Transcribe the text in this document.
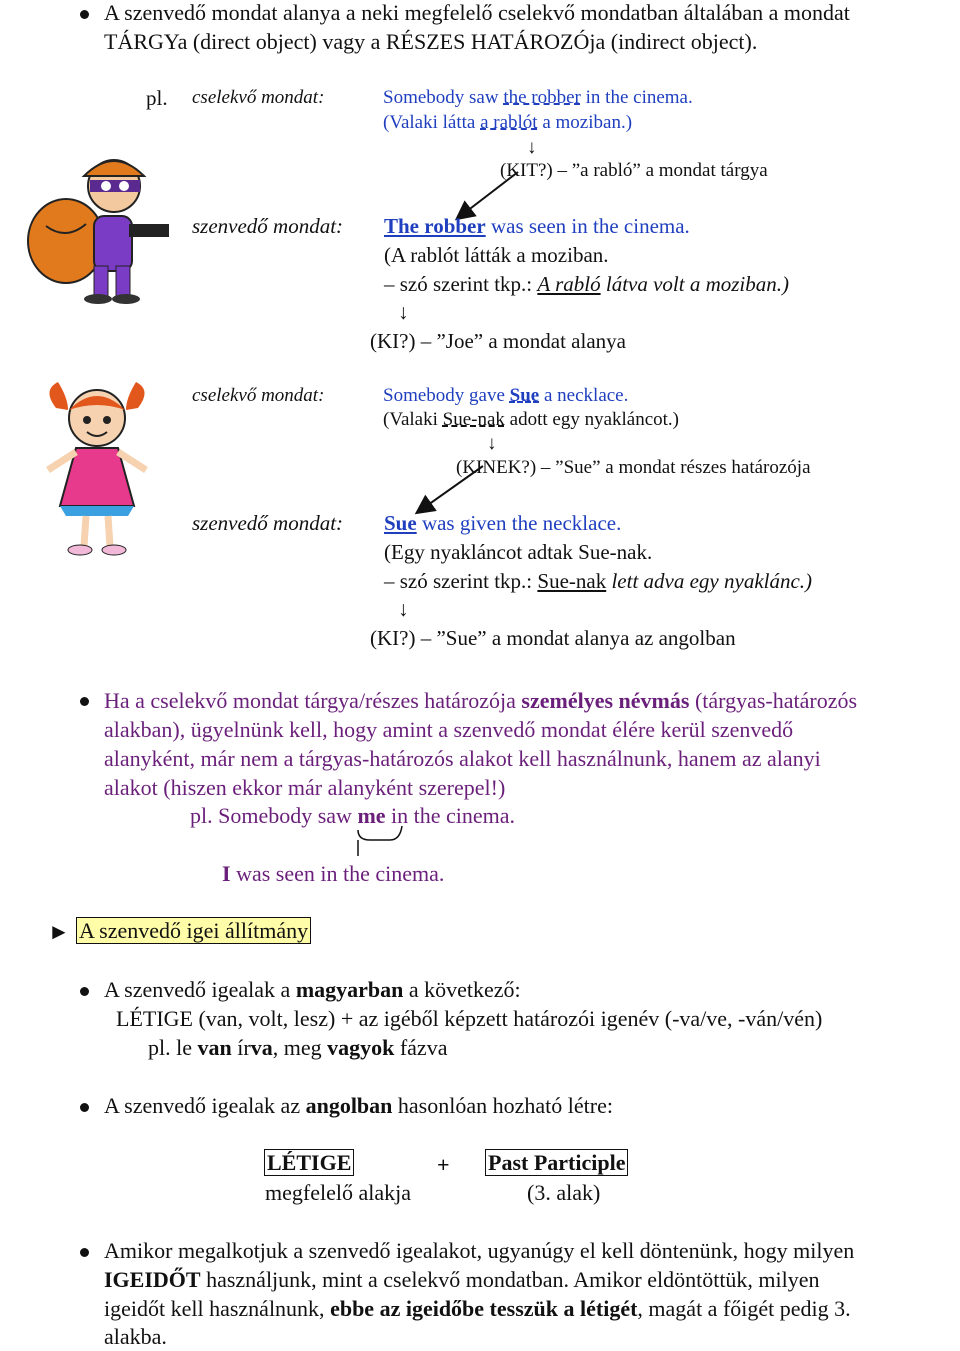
A szenvedő mondat alanya a neki megfelelő cselekvő mondatban általában a mondat
TÁRGYa (direct object) vagy a RÉSZES HATÁROZÓja (indirect object).
pl. cselekvő mondat:	Somebody saw the robber in the cinema.
(Valaki látta a rablót a moziban.)
↓
(KIT?) – ”a rabló” a mondat tárgya
szenvedő mondat: The robber was seen in the cinema.
(A rablót látták a moziban.
– szó szerint tkp.: A rabló látva volt a moziban.)
↓
(KI?) – ”Joe” a mondat alanya
cselekvő mondat:	Somebody gave Sue a necklace.
(Valaki Sue-nak adott egy nyakláncot.)
↓
(KINEK?) – ”Sue” a mondat részes határozója
szenvedő mondat: Sue was given the necklace.
(Egy nyakláncot adtak Sue-nak.
– szó szerint tkp.: Sue-nak lett adva egy nyaklánc.)
↓
(KI?) – ”Sue” a mondat alanya az angolban
Ha a cselekvő mondat tárgya/részes határozója személyes névmás (tárgyas-határozós
alakban), ügyelnünk kell, hogy amint a szenvedő mondat élére kerül szenvedő
alanyként, már nem a tárgyas-határozós alakot kell használnunk, hanem az alanyi
alakot (hiszen ekkor már alanyként szerepel!)
pl. Somebody saw me in the cinema.
I was seen in the cinema.
► A szenvedő igei állítmány
A szenvedő igealak a magyarban a következő:
LÉTIGE (van, volt, lesz) + az igéből képzett határozói igenév (-va/ve, -ván/vén)
pl. le van írva, meg vagyok fázva
A szenvedő igealak az angolban hasonlóan hozható létre:
LÉTIGE	+ Past Participle
megfelelő alakja	(3. alak)
Amikor megalkotjuk a szenvedő igealakot, ugyanúgy el kell döntenünk, hogy milyen
IGEIDŐT használjunk, mint a cselekvő mondatban. Amikor eldöntöttük, milyen
igeidőt kell használnunk, ebbe az igeidőbe tesszük a létigét, magát a főigét pedig 3.
alakba.
